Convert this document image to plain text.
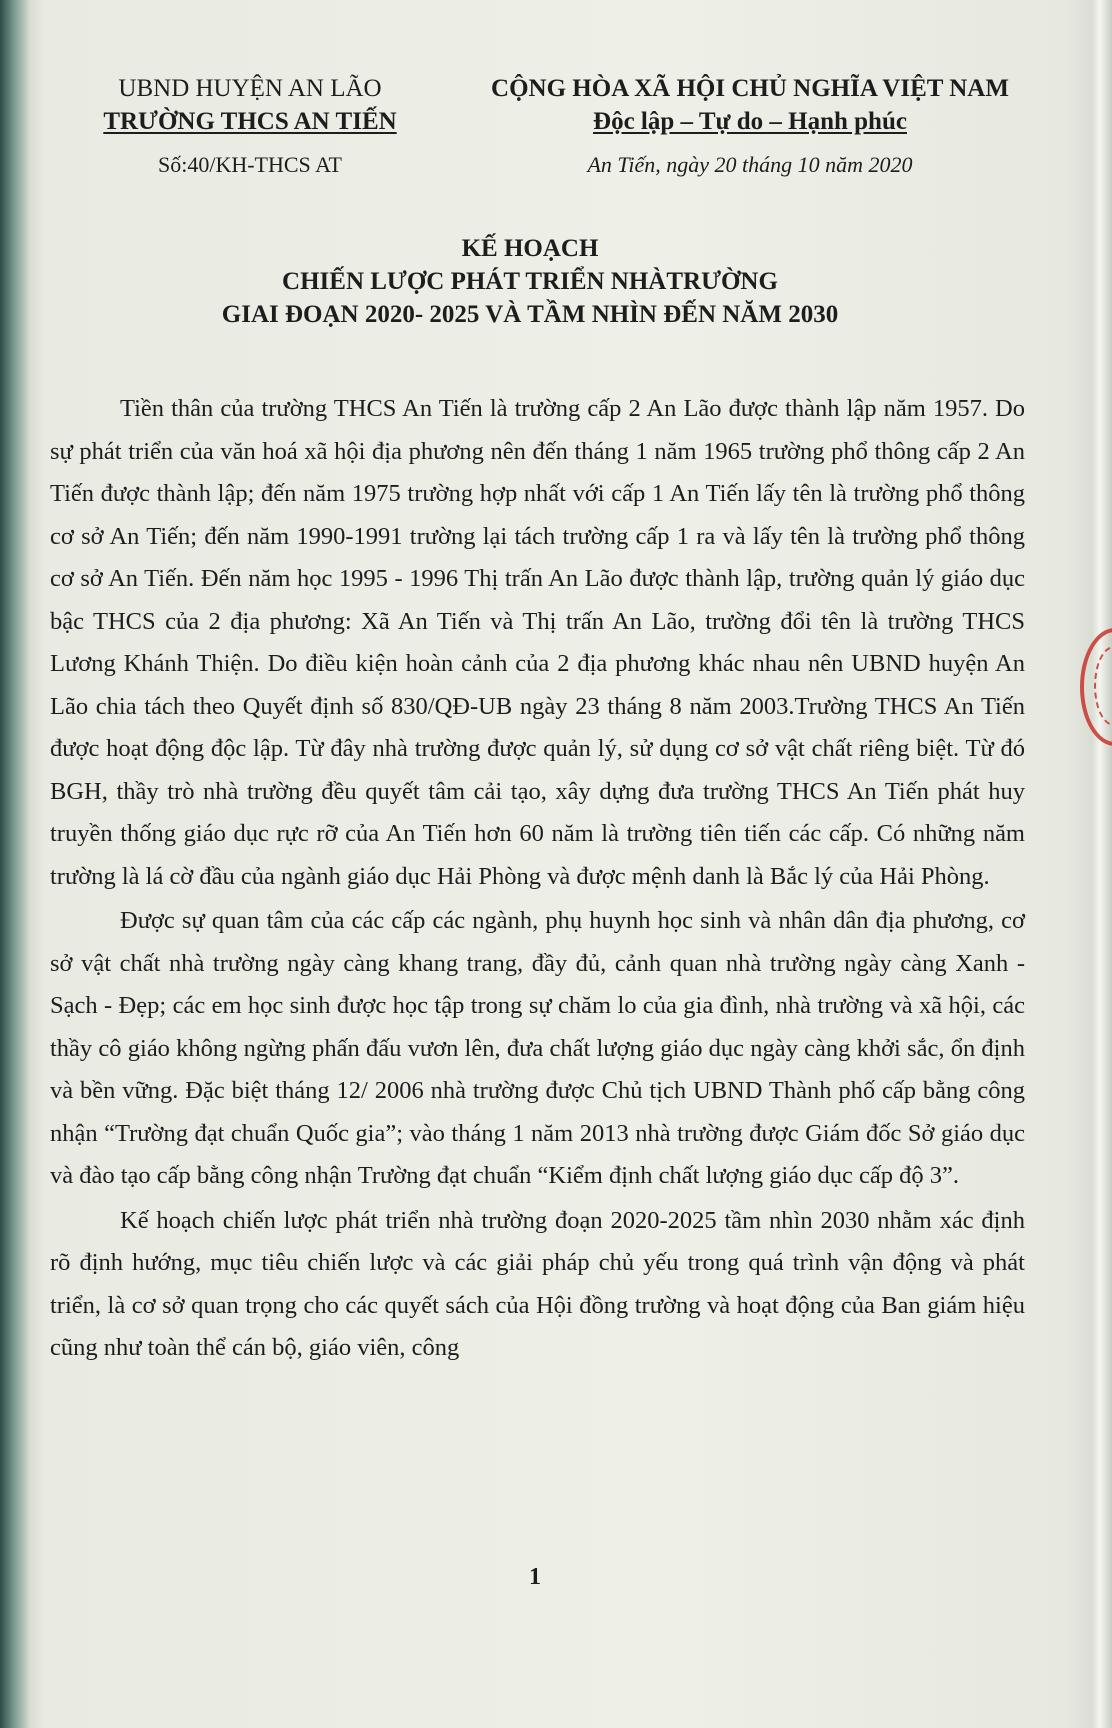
UBND HUYỆN AN LÃO
TRƯỜNG THCS AN TIẾN
CỘNG HÒA XÃ HỘI CHỦ NGHĨA VIỆT NAM
Độc lập – Tự do – Hạnh phúc
Số:40/KH-THCS AT	An Tiến, ngày 20 tháng 10 năm 2020
KẾ HOẠCH
CHIẾN LƯỢC PHÁT TRIỂN NHÀTRƯỜNG
GIAI ĐOẠN 2020- 2025 VÀ TẦM NHÌN ĐẾN NĂM 2030

Tiền thân của trường THCS An Tiến là trường cấp 2 An Lão được thành lập năm 1957. Do sự phát triển của văn hoá xã hội địa phương nên đến tháng 1 năm 1965 trường phổ thông cấp 2 An Tiến được thành lập; đến năm 1975 trường hợp nhất với cấp 1 An Tiến lấy tên là trường phổ thông cơ sở An Tiến; đến năm 1990-1991 trường lại tách trường cấp 1 ra và lấy tên là trường phổ thông cơ sở An Tiến. Đến năm học 1995 - 1996 Thị trấn An Lão được thành lập, trường quản lý giáo dục bậc THCS của 2 địa phương: Xã An Tiến và Thị trấn An Lão, trường đổi tên là trường THCS Lương Khánh Thiện. Do điều kiện hoàn cảnh của 2 địa phương khác nhau nên UBND huyện An Lão chia tách theo Quyết định số 830/QĐ-UB ngày 23 tháng 8 năm 2003.Trường THCS An Tiến được hoạt động độc lập. Từ đây nhà trường được quản lý, sử dụng cơ sở vật chất riêng biệt. Từ đó BGH, thầy trò nhà trường đều quyết tâm cải tạo, xây dựng đưa trường THCS An Tiến phát huy truyền thống giáo dục rực rỡ của An Tiến hơn 60 năm là trường tiên tiến các cấp. Có những năm trường là lá cờ đầu của ngành giáo dục Hải Phòng và được mệnh danh là Bắc lý của Hải Phòng.

Được sự quan tâm của các cấp các ngành, phụ huynh học sinh và nhân dân địa phương, cơ sở vật chất nhà trường ngày càng khang trang, đầy đủ, cảnh quan nhà trường ngày càng Xanh - Sạch - Đẹp; các em học sinh được học tập trong sự chăm lo của gia đình, nhà trường và xã hội, các thầy cô giáo không ngừng phấn đấu vươn lên, đưa chất lượng giáo dục ngày càng khởi sắc, ổn định và bền vững. Đặc biệt tháng 12/ 2006 nhà trường được Chủ tịch UBND Thành phố cấp bằng công nhận “Trường đạt chuẩn Quốc gia”; vào tháng 1 năm 2013 nhà trường được Giám đốc Sở giáo dục và đào tạo cấp bằng công nhận Trường đạt chuẩn “Kiểm định chất lượng giáo dục cấp độ 3”.

Kế hoạch chiến lược phát triển nhà trường đoạn 2020-2025 tầm nhìn 2030 nhằm xác định rõ định hướng, mục tiêu chiến lược và các giải pháp chủ yếu trong quá trình vận động và phát triển, là cơ sở quan trọng cho các quyết sách của Hội đồng trường và hoạt động của Ban giám hiệu cũng như toàn thể cán bộ, giáo viên, công

1
